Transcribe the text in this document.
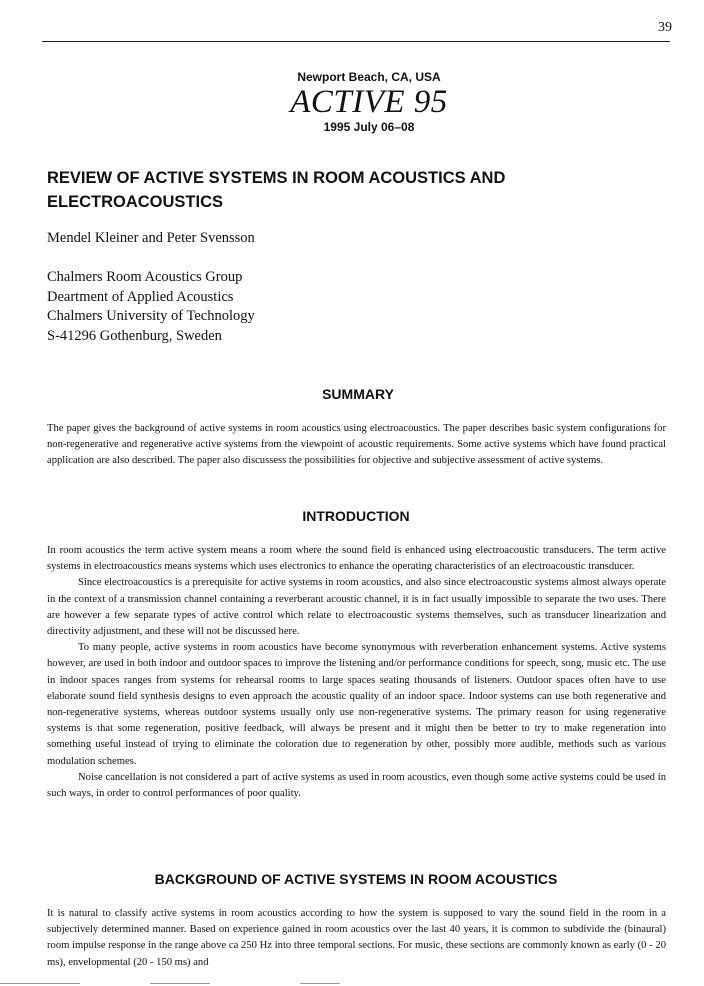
39
Newport Beach, CA, USA
ACTIVE 95
1995 July 06–08
REVIEW OF ACTIVE SYSTEMS IN ROOM ACOUSTICS AND ELECTROACOUSTICS
Mendel Kleiner and Peter Svensson
Chalmers Room Acoustics Group
Deartment of Applied Acoustics
Chalmers University of Technology
S-41296 Gothenburg, Sweden
SUMMARY

The paper gives the background of active systems in room acoustics using electroacoustics. The paper describes basic system configurations for non-regenerative and regenerative active systems from the viewpoint of acoustic requirements. Some active systems which have found practical application are also described. The paper also discussess the possibilities for objective and subjective assessment of active systems.

INTRODUCTION

In room acoustics the term active system means a room where the sound field is enhanced using electroacoustic transducers. The term active systems in electroacoustics means systems which uses electronics to enhance the operating characteristics of an electroacoustic transducer.

Since electroacoustics is a prerequisite for active systems in room acoustics, and also since electroacoustic systems almost always operate in the context of a transmission channel containing a reverberant acoustic channel, it is in fact usually impossible to separate the two uses. There are however a few separate types of active control which relate to electroacoustic systems themselves, such as transducer linearization and directivity adjustment, and these will not be discussed here.

To many people, active systems in room acoustics have become synonymous with reverberation enhancement systems. Active systems however, are used in both indoor and outdoor spaces to improve the listening and/or performance conditions for speech, song, music etc. The use in indoor spaces ranges from systems for rehearsal rooms to large spaces seating thousands of listeners. Outdoor spaces often have to use elaborate sound field synthesis designs to even approach the acoustic quality of an indoor space. Indoor systems can use both regenerative and non-regenerative systems, whereas outdoor systems usually only use non-regenerative systems. The primary reason for using regenerative systems is that some regeneration, positive feedback, will always be present and it might then be better to try to make regeneration into something useful instead of trying to eliminate the coloration due to regeneration by other, possibly more audible, methods such as various modulation schemes.

Noise cancellation is not considered a part of active systems as used in room acoustics, even though some active systems could be used in such ways, in order to control performances of poor quality.

BACKGROUND OF ACTIVE SYSTEMS IN ROOM ACOUSTICS

It is natural to classify active systems in room acoustics according to how the system is supposed to vary the sound field in the room in a subjectively determined manner. Based on experience gained in room acoustics over the last 40 years, it is common to subdivide the (binaural) room impulse response in the range above ca 250 Hz into three temporal sections. For music, these sections are commonly known as early (0 - 20 ms), envelopmental (20 - 150 ms) and
